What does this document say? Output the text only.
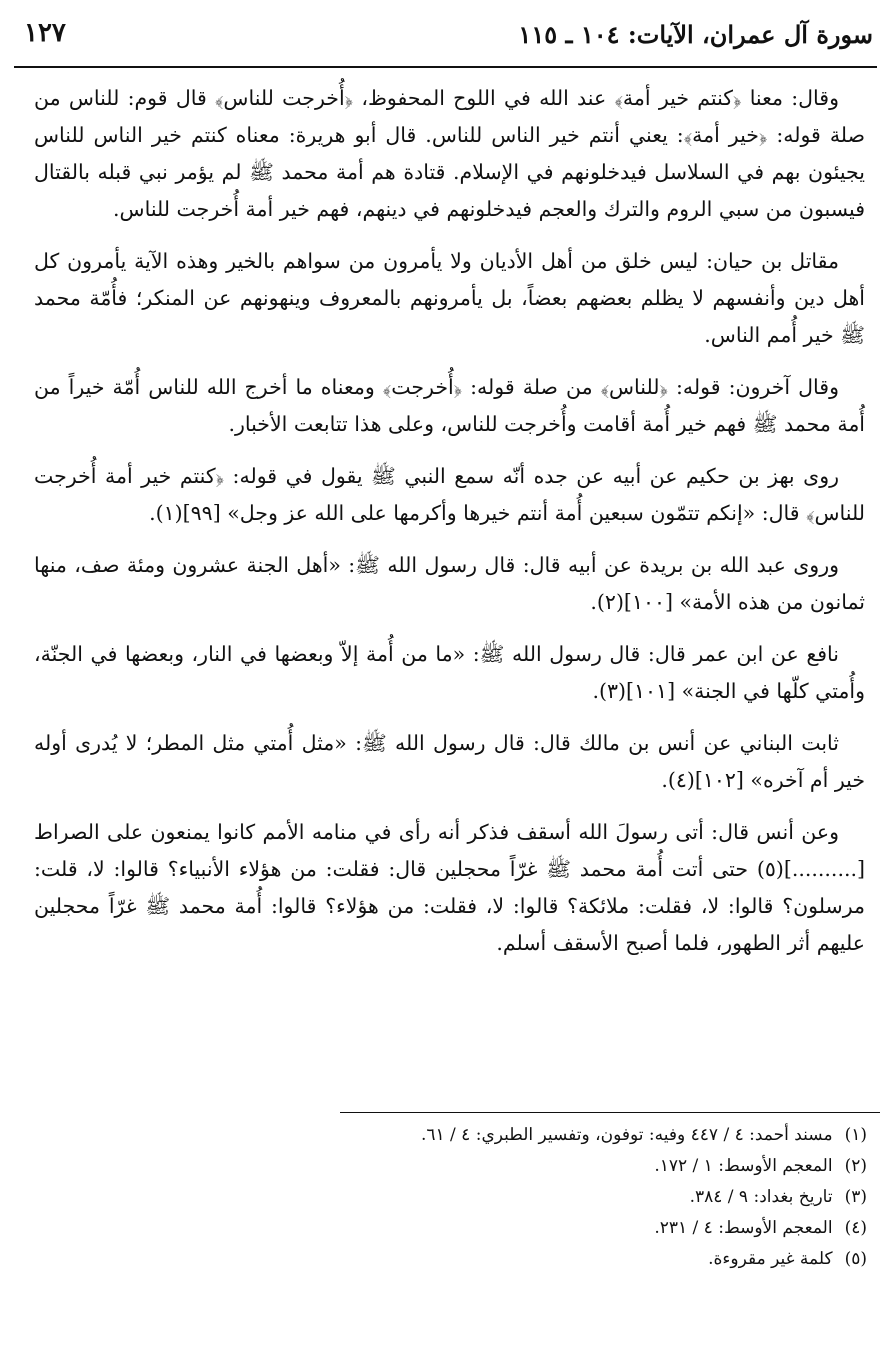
سورة آل عمران، الآيات: ١٠٤ ـ ١١٥
١٢٧

وقال: معنا ﴿كنتم خير أمة﴾ عند الله في اللوح المحفوظ، ﴿أُخرجت للناس﴾ قال قوم: للناس من صلة قوله: ﴿خير أمة﴾: يعني أنتم خير الناس للناس. قال أبو هريرة: معناه كنتم خير الناس للناس يجيئون بهم في السلاسل فيدخلونهم في الإسلام. قتادة هم أمة محمد ﷺ لم يؤمر نبي قبله بالقتال فيسبون من سبي الروم والترك والعجم فيدخلونهم في دينهم، فهم خير أمة أُخرجت للناس.

مقاتل بن حيان: ليس خلق من أهل الأديان ولا يأمرون من سواهم بالخير وهذه الآية يأمرون كل أهل دين وأنفسهم لا يظلم بعضهم بعضاً، بل يأمرونهم بالمعروف وينهونهم عن المنكر؛ فأُمّة محمد ﷺ خير أُمم الناس.

وقال آخرون: قوله: ﴿للناس﴾ من صلة قوله: ﴿أُخرجت﴾ ومعناه ما أخرج الله للناس أُمّة خيراً من أُمة محمد ﷺ فهم خير أُمة أقامت وأُخرجت للناس، وعلى هذا تتابعت الأخبار.

روى بهز بن حكيم عن أبيه عن جده أنّه سمع النبي ﷺ يقول في قوله: ﴿كنتم خير أمة أُخرجت للناس﴾ قال: «إنكم تتمّون سبعين أُمة أنتم خيرها وأكرمها على الله عز وجل» [٩٩](١).

وروى عبد الله بن بريدة عن أبيه قال: قال رسول الله ﷺ: «أهل الجنة عشرون ومئة صف، منها ثمانون من هذه الأمة» [١٠٠](٢).

نافع عن ابن عمر قال: قال رسول الله ﷺ: «ما من أُمة إلاّ وبعضها في النار، وبعضها في الجنّة، وأُمتي كلّها في الجنة» [١٠١](٣).

ثابت البناني عن أنس بن مالك قال: قال رسول الله ﷺ: «مثل أُمتي مثل المطر؛ لا يُدرى أوله خير أم آخره» [١٠٢](٤).

وعن أنس قال: أتى رسولَ الله أسقف فذكر أنه رأى في منامه الأمم كانوا يمنعون على الصراط [..........](٥) حتى أتت أُمة محمد ﷺ غرّاً محجلين قال: فقلت: من هؤلاء الأنبياء؟ قالوا: لا، قلت: مرسلون؟ قالوا: لا، فقلت: ملائكة؟ قالوا: لا، فقلت: من هؤلاء؟ قالوا: أُمة محمد ﷺ غرّاً محجلين عليهم أثر الطهور، فلما أصبح الأسقف أسلم.

(١)مسند أحمد: ٤ / ٤٤٧ وفيه: توفون، وتفسير الطبري: ٤ / ٦١.
(٢)المعجم الأوسط: ١ / ١٧٢.
(٣)تاريخ بغداد: ٩ / ٣٨٤.
(٤)المعجم الأوسط: ٤ / ٢٣١.
(٥)كلمة غير مقروءة.
